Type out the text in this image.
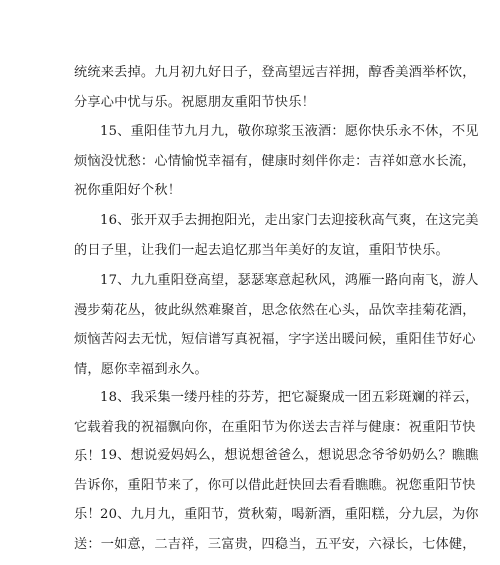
统统来丢掉。九月初九好日子，登高望远吉祥拥，醇香美酒举杯饮，
分享心中忧与乐。祝愿朋友重阳节快乐！

15、重阳佳节九月九，敬你琼浆玉液酒：愿你快乐永不休，不见
烦恼没忧愁：心情愉悦幸福有，健康时刻伴你走：吉祥如意水长流，
祝你重阳好个秋！

16、张开双手去拥抱阳光，走出家门去迎接秋高气爽，在这完美
的日子里，让我们一起去追忆那当年美好的友谊，重阳节快乐。

17、九九重阳登高望，瑟瑟寒意起秋风，鸿雁一路向南飞，游人
漫步菊花丛，彼此纵然难聚首，思念依然在心头，品饮幸挂菊花酒，
烦恼苦闷去无忧，短信谱写真祝福，字字送出暖问候，重阳佳节好心
情，愿你幸福到永久。

18、我采集一缕丹桂的芬芳，把它凝聚成一团五彩斑斓的祥云，
它载着我的祝福飘向你，在重阳节为你送去吉祥与健康：祝重阳节快
乐！ 19、想说爱妈妈么，想说想爸爸么，想说思念爷爷奶奶么？瞧瞧
告诉你，重阳节来了，你可以借此赶快回去看看瞧瞧。祝您重阳节快
乐！ 20、九月九，重阳节，赏秋菊，喝新酒，重阳糕，分九层，为你
送：一如意，二吉祥，三富贵，四稳当，五平安，六禄长，七体健，
